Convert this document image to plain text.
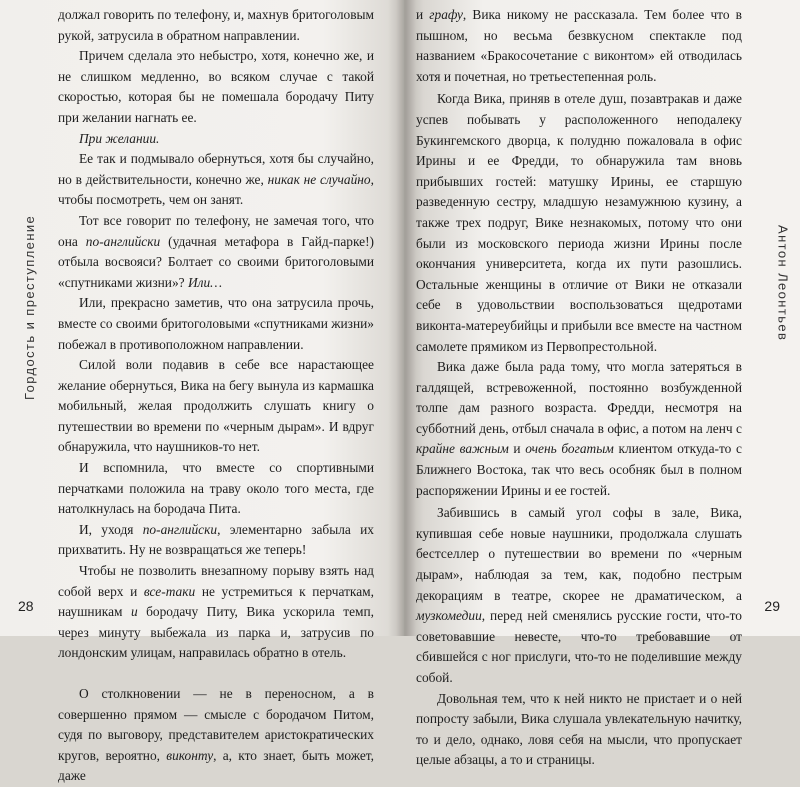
Гордость и преступление

должал говорить по телефону, и, махнув бритоголовым рукой, затрусила в обратном направлении.

Причем сделала это небыстро, хотя, конечно же, и не слишком медленно, во всяком случае с такой скоростью, которая бы не помешала бородачу Питу при желании нагнать ее.

При желании.

Ее так и подмывало обернуться, хотя бы случайно, но в действительности, конечно же, никак не случайно, чтобы посмотреть, чем он занят.

Тот все говорит по телефону, не замечая того, что она по-английски (удачная метафора в Гайд-парке!) отбыла восвояси? Болтает со своими бритоголовыми «спутниками жизни»? Или…

Или, прекрасно заметив, что она затрусила прочь, вместе со своими бритоголовыми «спутниками жизни» побежал в противоположном направлении.

Силой воли подавив в себе все нарастающее желание обернуться, Вика на бегу вынула из кармашка мобильный, желая продолжить слушать книгу о путешествии во времени по «черным дырам». И вдруг обнаружила, что наушников-то нет.

И вспомнила, что вместе со спортивными перчатками положила на траву около того места, где натолкнулась на бородача Пита.

И, уходя по-английски, элементарно забыла их прихватить. Ну не возвращаться же теперь!

Чтобы не позволить внезапному порыву взять над собой верх и все-таки не устремиться к перчаткам, наушникам и бородачу Питу, Вика ускорила темп, через минуту выбежала из парка и, затрусив по лондонским улицам, направилась обратно в отель.

О столкновении — не в переносном, а в совершенно прямом — смысле с бородачом Питом, судя по выговору, представителем аристократических кругов, вероятно, виконту, а, кто знает, быть может, даже

28
Антон Леонтьев

и графу, Вика никому не рассказала. Тем более что в пышном, но весьма безвкусном спектакле под названием «Бракосочетание с виконтом» ей отводилась хотя и почетная, но третьестепенная роль.

Когда Вика, приняв в отеле душ, позавтракав и даже успев побывать у расположенного неподалеку Букингемского дворца, к полудню пожаловала в офис Ирины и ее Фредди, то обнаружила там вновь прибывших гостей: матушку Ирины, ее старшую разведенную сестру, младшую незамужнюю кузину, а также трех подруг, Вике незнакомых, потому что они были из московского периода жизни Ирины после окончания университета, когда их пути разошлись. Остальные женщины в отличие от Вики не отказали себе в удовольствии воспользоваться щедротами виконта-матереубийцы и прибыли все вместе на частном самолете прямиком из Первопрестольной.

Вика даже была рада тому, что могла затеряться в галдящей, встревоженной, постоянно возбужденной толпе дам разного возраста. Фредди, несмотря на субботний день, отбыл сначала в офис, а потом на ленч с крайне важным и очень богатым клиентом откуда-то с Ближнего Востока, так что весь особняк был в полном распоряжении Ирины и ее гостей.

Забившись в самый угол софы в зале, Вика, купившая себе новые наушники, продолжала слушать бестселлер о путешествии во времени по «черным дырам», наблюдая за тем, как, подобно пестрым декорациям в театре, скорее не драматическом, а музкомедии, перед ней сменялись русские гости, что-то советовавшие невесте, что-то требовавшие от сбившейся с ног прислуги, что-то не поделившие между собой.

Довольная тем, что к ней никто не пристает и о ней попросту забыли, Вика слушала увлекательную начитку, то и дело, однако, ловя себя на мысли, что пропускает целые абзацы, а то и страницы.

29
